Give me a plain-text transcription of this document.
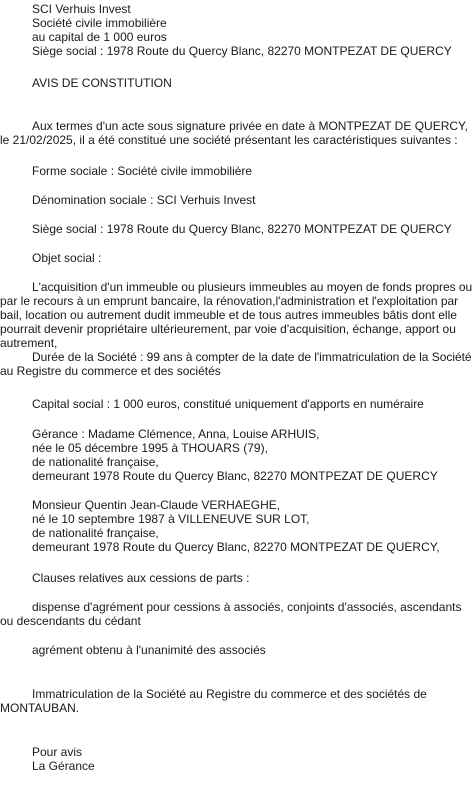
SCI Verhuis Invest
Société civile immobilière
au capital de 1 000 euros
Siège social : 1978 Route du Quercy Blanc, 82270 MONTPEZAT DE QUERCY
AVIS DE CONSTITUTION
Aux termes d'un acte sous signature privée en date à MONTPEZAT DE QUERCY,
le 21/02/2025, il a été constitué une société présentant les caractéristiques suivantes :
Forme sociale : Société civile immobilière
Dénomination sociale : SCI Verhuis Invest
Siège social : 1978 Route du Quercy Blanc, 82270 MONTPEZAT DE QUERCY
Objet social :
L'acquisition d'un immeuble ou plusieurs immeubles au moyen de fonds propres ou
par le recours à un emprunt bancaire, la rénovation,l'administration et l'exploitation par
bail, location ou autrement dudit immeuble et de tous autres immeubles bâtis dont elle
pourrait devenir propriétaire ultérieurement, par voie d'acquisition, échange, apport ou
autrement,
Durée de la Société : 99 ans à compter de la date de l'immatriculation de la Société
au Registre du commerce et des sociétés
Capital social : 1 000 euros, constitué uniquement d'apports en numéraire
Gérance : Madame Clémence, Anna, Louise ARHUIS,
née le 05 décembre 1995 à THOUARS (79),
de nationalité française,
demeurant 1978 Route du Quercy Blanc, 82270 MONTPEZAT DE QUERCY
Monsieur Quentin Jean-Claude VERHAEGHE,
né le 10 septembre 1987 à VILLENEUVE SUR LOT,
de nationalité française,
demeurant 1978 Route du Quercy Blanc, 82270 MONTPEZAT DE QUERCY,
Clauses relatives aux cessions de parts :
dispense d'agrément pour cessions à associés, conjoints d'associés, ascendants
ou descendants du cédant
agrément obtenu à l'unanimité des associés
Immatriculation de la Société au Registre du commerce et des sociétés de
MONTAUBAN.
Pour avis
La Gérance
